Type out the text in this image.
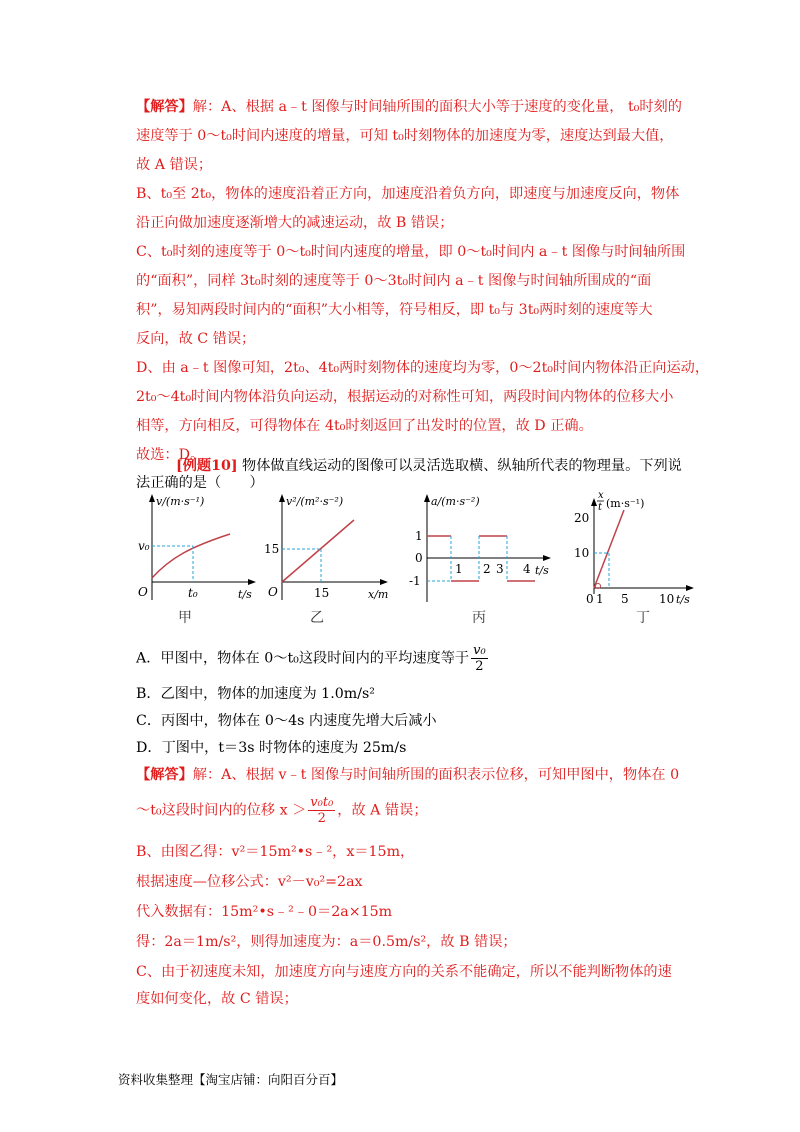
【解答】解：A、根据 a﹣t 图像与时间轴所围的面积大小等于速度的变化量， t₀时刻的
速度等于 0～t₀时间内速度的增量，可知 t₀时刻物体的加速度为零，速度达到最大值，
故 A 错误；
B、t₀至 2t₀，物体的速度沿着正方向，加速度沿着负方向，即速度与加速度反向，物体
沿正向做加速度逐渐增大的减速运动，故 B 错误；
C、t₀时刻的速度等于 0～t₀时间内速度的增量，即 0～t₀时间内 a﹣t 图像与时间轴所围
的“面积”，同样 3t₀时刻的速度等于 0～3t₀时间内 a﹣t 图像与时间轴所围成的“面
积”，易知两段时间内的“面积”大小相等，符号相反，即 t₀与 3t₀两时刻的速度等大
反向，故 C 错误；
D、由 a﹣t 图像可知，2t₀、4t₀两时刻物体的速度均为零，0～2t₀时间内物体沿正向运动，
2t₀～4t₀时间内物体沿负向运动，根据运动的对称性可知，两段时间内物体的位移大小
相等，方向相反，可得物体在 4t₀时刻返回了出发时的位置，故 D 正确。
故选：D。
[例题10] 物体做直线运动的图像可以灵活选取横、纵轴所代表的物理量。下列说
法正确的是（　　）
v/(m·s⁻¹)
v₀
t₀	t/s
O
甲
v²/(m²·s⁻²)
15
15	x/m
O
乙
a/(m·s⁻²)
1
0
-1
1 2 3 4 t/s
丙
x
t (m·s⁻¹)
20
10
0 1 5	10 t/s
丁
A．甲图中，物体在 0～t₀这段时间内的平均速度等于 $\frac{\text{v₀}}{2}$
B．乙图中，物体的加速度为 1.0m/s²
C．丙图中，物体在 0～4s 内速度先增大后减小
D．丁图中，t＝3s 时物体的速度为 25m/s
【解答】解：A、根据 v﹣t 图像与时间轴所围的面积表示位移，可知甲图中，物体在 0
～t₀这段时间内的位移 $x > \frac{\text{v₀t₀}}{2}$ ，故 A 错误；
B、由图乙得：v²＝15m²•s﹣²，x＝15m，
根据速度—位移公式：v²－v₀²=2ax
代入数据有：15m²•s﹣²﹣0＝2a×15m
得：2a＝1m/s²，则得加速度为：a＝0.5m/s²，故 B 错误；
C、由于初速度未知，加速度方向与速度方向的关系不能确定，所以不能判断物体的速
度如何变化，故 C 错误；
资料收集整理【淘宝店铺：向阳百分百】
